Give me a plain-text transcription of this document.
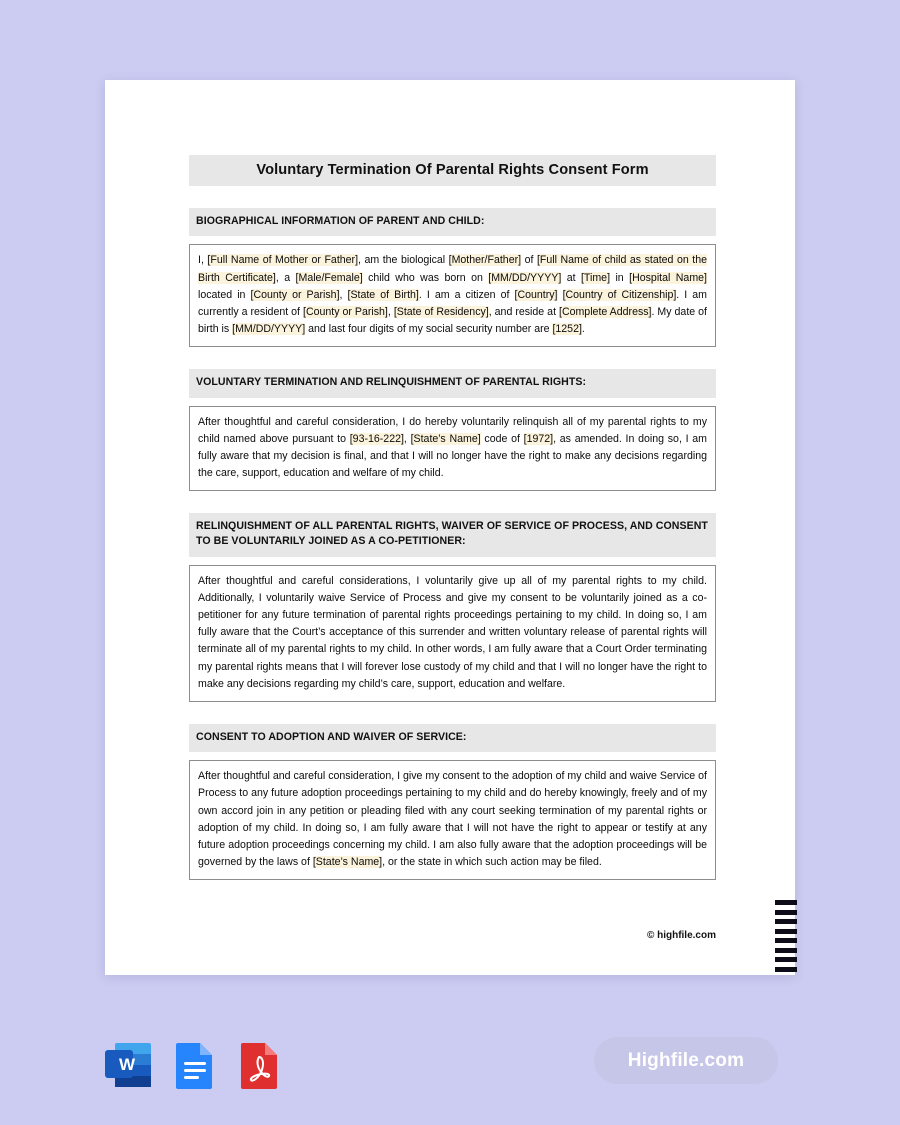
Voluntary Termination Of Parental Rights Consent Form
BIOGRAPHICAL INFORMATION OF PARENT AND CHILD:
I, [Full Name of Mother or Father], am the biological [Mother/Father] of [Full Name of child as stated on the Birth Certificate], a [Male/Female] child who was born on [MM/DD/YYYY] at [Time] in [Hospital Name] located in [County or Parish], [State of Birth]. I am a citizen of [Country] [Country of Citizenship]. I am currently a resident of [County or Parish], [State of Residency], and reside at [Complete Address]. My date of birth is [MM/DD/YYYY] and last four digits of my social security number are [1252].
VOLUNTARY TERMINATION AND RELINQUISHMENT OF PARENTAL RIGHTS:
After thoughtful and careful consideration, I do hereby voluntarily relinquish all of my parental rights to my child named above pursuant to [93-16-222], [State’s Name] code of [1972], as amended. In doing so, I am fully aware that my decision is final, and that I will no longer have the right to make any decisions regarding the care, support, education and welfare of my child.
RELINQUISHMENT OF ALL PARENTAL RIGHTS, WAIVER OF SERVICE OF PROCESS, AND CONSENT TO BE VOLUNTARILY JOINED AS A CO-PETITIONER:
After thoughtful and careful considerations, I voluntarily give up all of my parental rights to my child. Additionally, I voluntarily waive Service of Process and give my consent to be voluntarily joined as a co-petitioner for any future termination of parental rights proceedings pertaining to my child. In doing so, I am fully aware that the Court’s acceptance of this surrender and written voluntary release of parental rights will terminate all of my parental rights to my child. In other words, I am fully aware that a Court Order terminating my parental rights means that I will forever lose custody of my child and that I will no longer have the right to make any decisions regarding my child’s care, support, education and welfare.
CONSENT TO ADOPTION AND WAIVER OF SERVICE:
After thoughtful and careful consideration, I give my consent to the adoption of my child and waive Service of Process to any future adoption proceedings pertaining to my child and do hereby knowingly, freely and of my own accord join in any petition or pleading filed with any court seeking termination of my parental rights or adoption of my child. In doing so, I am fully aware that I will not have the right to appear or testify at any future adoption proceedings concerning my child. I am also fully aware that the adoption proceedings will be governed by the laws of [State’s Name], or the state in which such action may be filed.
© highfile.com
W	Highfile.com
